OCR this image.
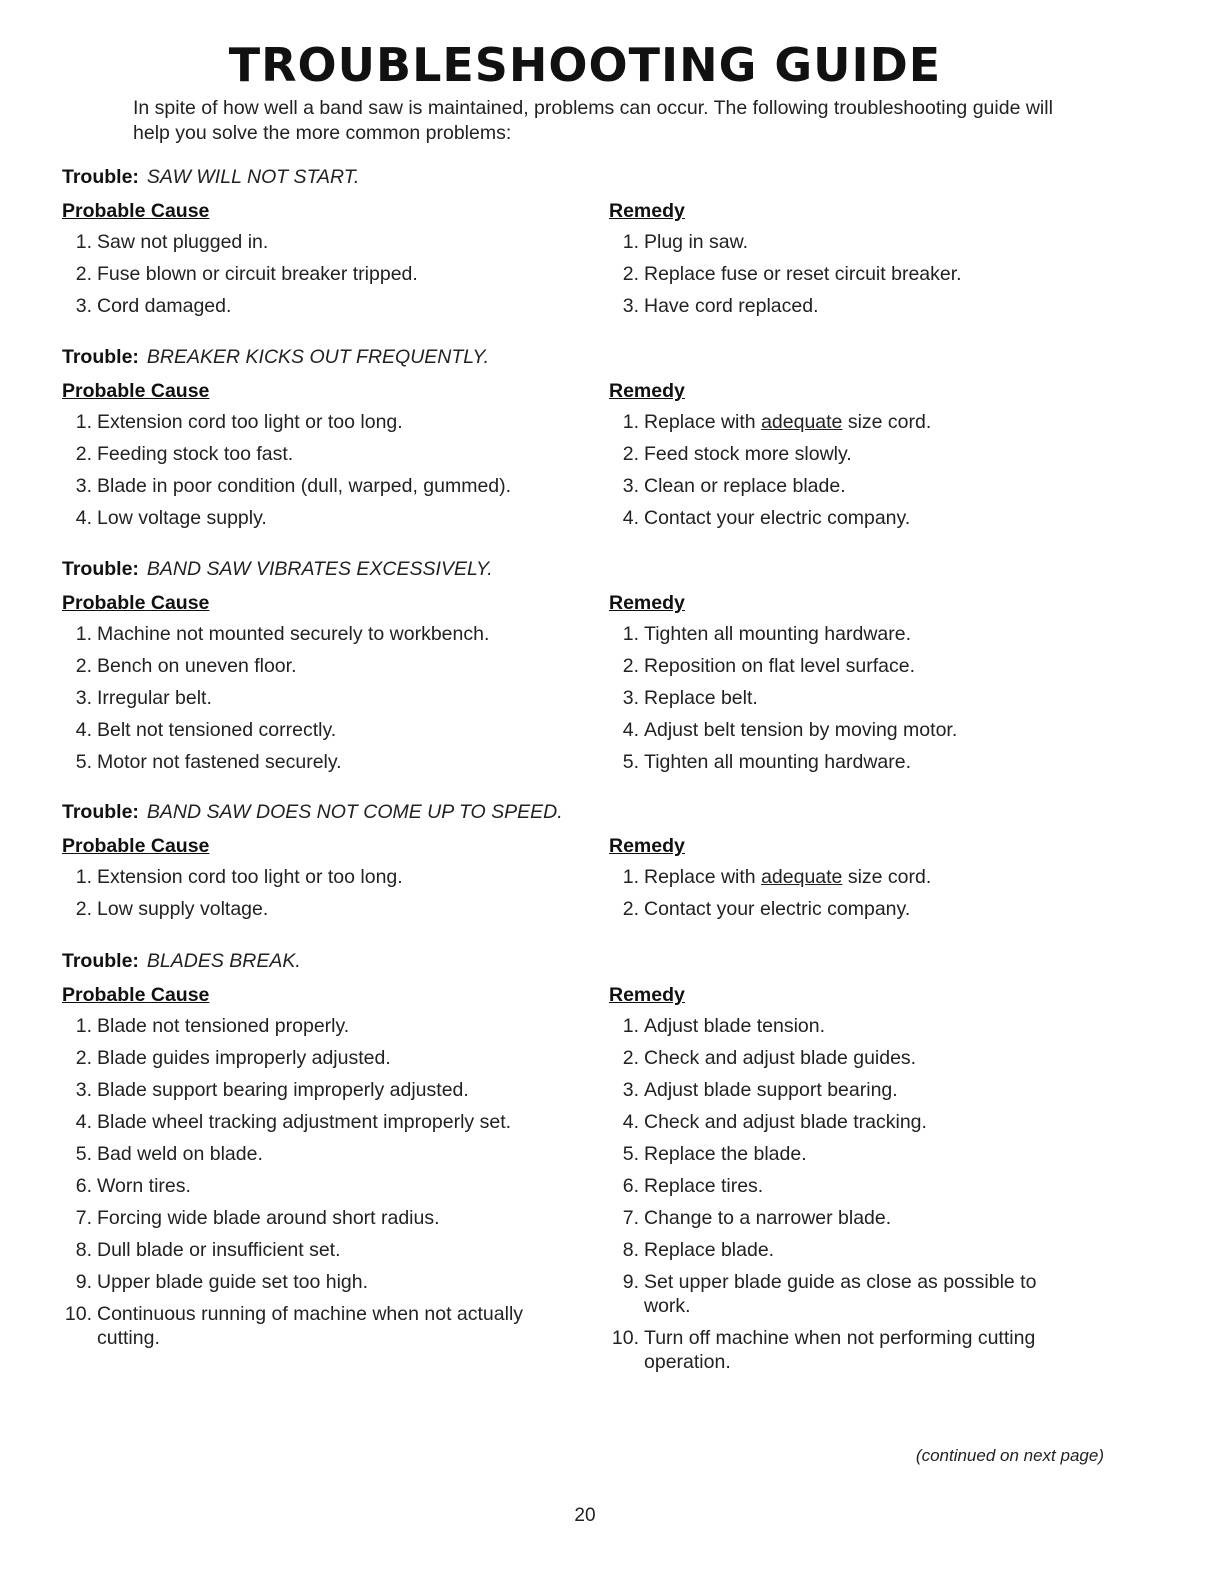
TROUBLESHOOTING GUIDE
In spite of how well a band saw is maintained, problems can occur. The following troubleshooting guide will help you solve the more common problems:
Trouble: SAW WILL NOT START.
Probable Cause
1. Saw not plugged in.
2. Fuse blown or circuit breaker tripped.
3. Cord damaged.
Remedy
1. Plug in saw.
2. Replace fuse or reset circuit breaker.
3. Have cord replaced.
Trouble: BREAKER KICKS OUT FREQUENTLY.
Probable Cause
1. Extension cord too light or too long.
2. Feeding stock too fast.
3. Blade in poor condition (dull, warped, gummed).
4. Low voltage supply.
Remedy
1. Replace with adequate size cord.
2. Feed stock more slowly.
3. Clean or replace blade.
4. Contact your electric company.
Trouble: BAND SAW VIBRATES EXCESSIVELY.
Probable Cause
1. Machine not mounted securely to workbench.
2. Bench on uneven floor.
3. Irregular belt.
4. Belt not tensioned correctly.
5. Motor not fastened securely.
Remedy
1. Tighten all mounting hardware.
2. Reposition on flat level surface.
3. Replace belt.
4. Adjust belt tension by moving motor.
5. Tighten all mounting hardware.
Trouble: BAND SAW DOES NOT COME UP TO SPEED.
Probable Cause
1. Extension cord too light or too long.
2. Low supply voltage.
Remedy
1. Replace with adequate size cord.
2. Contact your electric company.
Trouble: BLADES BREAK.
Probable Cause
1. Blade not tensioned properly.
2. Blade guides improperly adjusted.
3. Blade support bearing improperly adjusted.
4. Blade wheel tracking adjustment improperly set.
5. Bad weld on blade.
6. Worn tires.
7. Forcing wide blade around short radius.
8. Dull blade or insufficient set.
9. Upper blade guide set too high.
10. Continuous running of machine when not actually cutting.
Remedy
1. Adjust blade tension.
2. Check and adjust blade guides.
3. Adjust blade support bearing.
4. Check and adjust blade tracking.
5. Replace the blade.
6. Replace tires.
7. Change to a narrower blade.
8. Replace blade.
9. Set upper blade guide as close as possible to work.
10. Turn off machine when not performing cutting operation.
(continued on next page)
20
